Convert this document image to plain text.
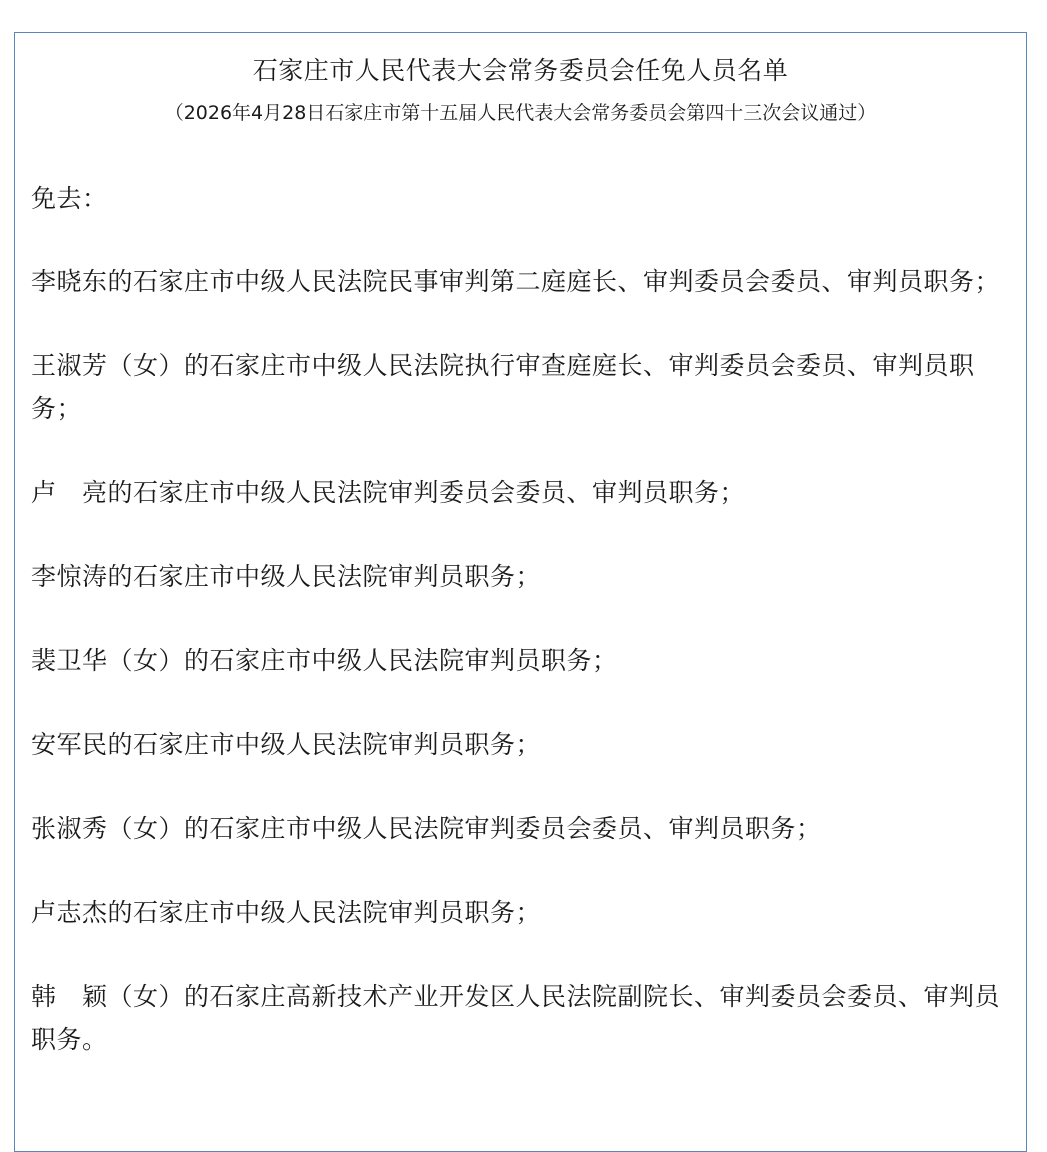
石家庄市人民代表大会常务委员会任免人员名单
（2026年4月28日石家庄市第十五届人民代表大会常务委员会第四十三次会议通过）

免去：

李晓东的石家庄市中级人民法院民事审判第二庭庭长、审判委员会委员、审判员职务；

王淑芳（女）的石家庄市中级人民法院执行审查庭庭长、审判委员会委员、审判员职务；

卢　亮的石家庄市中级人民法院审判委员会委员、审判员职务；

李惊涛的石家庄市中级人民法院审判员职务；

裴卫华（女）的石家庄市中级人民法院审判员职务；

安军民的石家庄市中级人民法院审判员职务；

张淑秀（女）的石家庄市中级人民法院审判委员会委员、审判员职务；

卢志杰的石家庄市中级人民法院审判员职务；

韩　颖（女）的石家庄高新技术产业开发区人民法院副院长、审判委员会委员、审判员职务。
